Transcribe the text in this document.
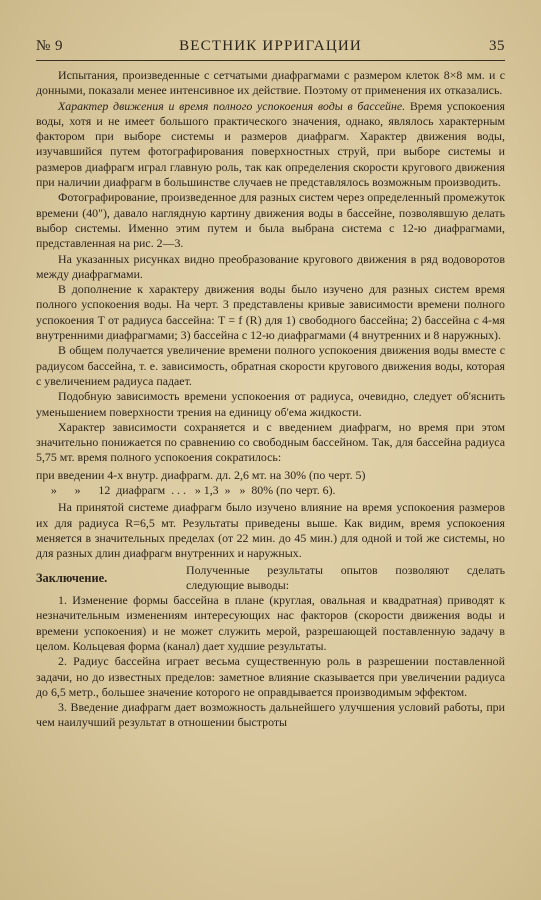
№ 9	ВЕСТНИК ИРРИГАЦИИ	35

Испытания, произведенные с сетчатыми диафрагмами с размером клеток 8×8 мм. и с донными, показали менее интенсивное их действие. Поэтому от применения их отказались.

Характер движения и время полного успокоения воды в бассейне. Время успокоения воды, хотя и не имеет большого практического значения, однако, являлось характерным фактором при выборе системы и размеров диафрагм. Характер движения воды, изучавшийся путем фотографирования поверхностных струй, при выборе системы и размеров диафрагм играл главную роль, так как определения скорости кругового движения при наличии диафрагм в большинстве случаев не представлялось возможным производить.

Фотографирование, произведенное для разных систем через определенный промежуток времени (40"), давало наглядную картину движения воды в бассейне, позволявшую делать выбор системы. Именно этим путем и была выбрана система с 12-ю диафрагмами, представленная на рис. 2—3.

На указанных рисунках видно преобразование кругового движения в ряд водоворотов между диафрагмами.

В дополнение к характеру движения воды было изучено для разных систем время полного успокоения воды. На черт. 3 представлены кривые зависимости времени полного успокоения T от радиуса бассейна: T = f (R) для 1) свободного бассейна; 2) бассейна с 4-мя внутренними диафрагмами; 3) бассейна с 12-ю диафрагмами (4 внутренних и 8 наружных).

В общем получается увеличение времени полного успокоения движения воды вместе с радиусом бассейна, т. е. зависимость, обратная скорости кругового движения воды, которая с увеличением радиуса падает.

Подобную зависимость времени успокоения от радиуса, очевидно, следует об'яснить уменьшением поверхности трения на единицу об'ема жидкости.

Характер зависимости сохраняется и с введением диафрагм, но время при этом значительно понижается по сравнению со свободным бассейном. Так, для бассейна радиуса 5,75 мт. время полного успокоения сократилось:

при введении 4-х внутр. диафрагм. дл. 2,6 мт. на 30% (по черт. 5)
»      »      12  диафрагм  . . .   » 1,3  »   »  80% (по черт. 6).

На принятой системе диафрагм было изучено влияние на время успокоения размеров их для радиуса R=6,5 мт. Результаты приведены выше. Как видим, время успокоения меняется в значительных пределах (от 22 мин. до 45 мин.) для одной и той же системы, но для разных длин диафрагм внутренних и наружных.

Заключение.
Полученные результаты опытов позволяют сделать следующие выводы:

1. Изменение формы бассейна в плане (круглая, овальная и квадратная) приводят к незначительным изменениям интересующих нас факторов (скорости движения воды и времени успокоения) и не может служить мерой, разрешающей поставленную задачу в целом. Кольцевая форма (канал) дает худшие результаты.

2. Радиус бассейна играет весьма существенную роль в разрешении поставленной задачи, но до известных пределов: заметное влияние сказывается при увеличении радиуса до 6,5 метр., большее значение которого не оправдывается производимым эффектом.

3. Введение диафрагм дает возможность дальнейшего улучшения условий работы, при чем наилучший результат в отношении быстроты
